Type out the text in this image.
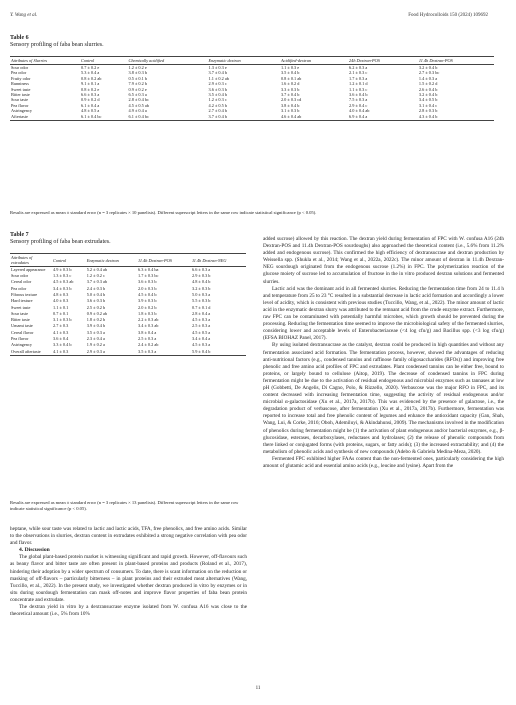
Y. Wang et al.	Food Hydrocolloids 150 (2024) 109692
Table 6
Sensory profiling of faba bean slurries.
Attributes of Slurries	Control	Chemically acidified	Enzymatic dextran	Acidified-dextran	24h Dextran-POS	11.4h Dextran-POS
Sour odor	0.7 ± 0.2 e	1.2 ± 0.2 e	1.3 ± 0.3 e	1.1 ± 0.3 e	6.2 ± 0.3 a	3.2 ± 0.4 b
Pea odor	5.3 ± 0.4 a	3.8 ± 0.3 b	3.7 ± 0.4 b	3.5 ± 0.4 b	2.1 ± 0.3 c	2.7 ± 0.3 bc
Fruity odor	0.8 ± 0.2 ab	0.5 ± 0.1 b	1.1 ± 0.2 ab	0.8 ± 0.1 ab	1.7 ± 0.3 a	1.4 ± 0.3 a
Runniness	9.1 ± 0.1 a	7.9 ± 0.2 b	2.9 ± 0.3 c	1.6 ± 0.2 d	1.2 ± 0.1 d	1.5 ± 0.2 d
Sweet taste	0.8 ± 0.2 e	0.9 ± 0.2 e	3.6 ± 0.3 b	3.3 ± 0.3 b	1.1 ± 0.3 c	2.6 ± 0.4 b
Bitter taste	6.6 ± 0.3 a	6.5 ± 0.3 a	3.5 ± 0.4 b	3.7 ± 0.4 b	3.6 ± 0.4 b	3.2 ± 0.4 b
Sour taste	0.9 ± 0.2 d	2.8 ± 0.4 bc	1.2 ± 0.3 c	2.0 ± 0.3 cd	7.5 ± 0.3 a	3.4 ± 0.5 b
Pea flavor	6.1 ± 0.4 a	4.5 ± 0.5 ab	4.2 ± 0.5 b	3.8 ± 0.4 b	2.9 ± 0.4 c	3.1 ± 0.4 c
Astringency	4.8 ± 0.5 a	4.9 ± 0.4 a	2.7 ± 0.4 b	3.1 ± 0.3 b	4.0 ± 0.4 ab	2.8 ± 0.3 b
Aftertaste	6.1 ± 0.4 bc	6.1 ± 0.4 bc	3.7 ± 0.4 b	4.6 ± 0.4 ab	6.9 ± 0.4 a	4.3 ± 0.4 b
Results are expressed as mean ± standard error (n = 3 replicates × 10 panelists). Different superscript letters in the same row indicate statistical significance (p < 0.05).
Table 7
Sensory profiling of faba bean extrudates.
Attributes of extrudates	Control	Enzymatic dextran	11.4h Dextran-POS	11.4h Dextran-NEG
Layered appearance	4.9 ± 0.3 b	5.2 ± 0.4 ab	6.3 ± 0.4 ba	6.6 ± 0.3 a
Sour odor	1.3 ± 0.3 c	1.2 ± 0.2 c	1.7 ± 0.3 bc	2.9 ± 0.3 b
Cereal odor	4.5 ± 0.3 ab	3.7 ± 0.3 ab	3.6 ± 0.3 b	4.8 ± 0.4 b
Pea odor	3.4 ± 0.3 b	2.4 ± 0.3 b	2.0 ± 0.3 b	3.2 ± 0.3 b
Fibrous texture	4.8 ± 0.3	5.0 ± 0.4 b	4.5 ± 0.4 b	5.0 ± 0.3 a
Hard texture	4.0 ± 0.3	3.6 ± 0.3 b	3.9 ± 0.3 b	5.5 ± 0.3 b
Sweet taste	1.1 ± 0.1	2.5 ± 0.2 b	2.0 ± 0.2 b	0.7 ± 0.1 d
Sour taste	0.7 ± 0.1	0.9 ± 0.2 ab	1.8 ± 0.3 b	2.8 ± 0.4 a
Bitter taste	3.1 ± 0.3 b	1.8 ± 0.2 b	2.2 ± 0.3 ab	4.5 ± 0.3 a
Umami taste	2.7 ± 0.3	3.9 ± 0.4 b	3.4 ± 0.3 ab	2.5 ± 0.3 a
Cereal flavor	4.1 ± 0.3	3.5 ± 0.3 a	3.8 ± 0.4 a	4.5 ± 0.5 a
Pea flavor	3.6 ± 0.4	2.3 ± 0.4 a	2.5 ± 0.3 a	3.4 ± 0.4 a
Astringency	3.3 ± 0.4 b	1.9 ± 0.2 a	2.4 ± 0.2 ab	4.5 ± 0.3 a
Overall aftertaste	4.1 ± 0.3	2.9 ± 0.3 a	3.5 ± 0.3 a	5.9 ± 0.4 b
Results are expressed as mean ± standard error (n = 3 replicates × 13 panelists). Different superscript letters in the same row indicate statistical significance (p < 0.05).

heptane, while sour taste was related to lactic and lactic acids, TFA, free phenolics, and free amino acids. Similar to the observations in slurries, dextran content in extrudates exhibited a strong negative correlation with pea odor and flavor.

4. Discussion

The global plant-based protein market is witnessing significant and rapid growth. However, off-flavours such as beany flavor and bitter taste are often present in plant-based proteins and products (Roland et al., 2017), hindering their adoption by a wider spectrum of consumers. To date, there is scant information on the reduction or masking of off-flavors – particularly bitterness – in plant proteins and their extruded meat alternatives (Wang, Tuccillo, et al., 2022). In the present study, we investigated whether dextran produced in vitro by enzymes or in situ during sourdough fermentation can mask off-notes and improve flavor properties of faba bean protein concentrate and extrudate.

The dextran yield in vitro by a dextransucrase enzyme isolated from W. confusa A16 was close to the theoretical amount (i.e., 5% from 10%

added sucrose) allowed by this reaction. The dextran yield during fermentation of FPC with W. confusa A16 (24h Dextran-POS and 11.4h Dextran-POS sourdoughs) also approached the theoretical content (i.e., 5.6% from 11.2% added and endogenous sucrose). This confirmed the high efficiency of dextransucrase and dextran production by Weissella spp. (Shukla et al., 2014; Wang et al., 2022a, 2022c). The minor amount of dextran in 11.4h Dextran-NEG sourdough originated from the endogenous sucrose (1.2%) in FPC. The polymerization reaction of the glucose moiety of sucrose led to accumulation of fructose in the in vitro produced dextran solutions and fermented slurries.

Lactic acid was the dominant acid in all fermented slurries. Reducing the fermentation time from 24 to 11.4 h and temperature from 25 to 23 °C resulted in a substantial decrease in lactic acid formation and accordingly a lower level of acidity, which is consistent with previous studies (Tuccillo, Wang, et al., 2022). The minor amount of lactic acid in the enzymatic dextran slurry was attributed to the remnant acid from the crude enzyme extract. Furthermore, raw FPC can be contaminated with potentially harmful microbes, which growth should be prevented during the processing. Reducing the fermentation time seemed to improve the microbiological safety of the fermented slurries, considering lower and acceptable levels of Enterobacteriaceae (<4 log cfu/g) and Bacillus spp. (<3 log cfu/g) (EFSA BIOHAZ Panel, 2017).

By using isolated dextransucrase as the catalyst, dextran could be produced in high quantities and without any fermentation associated acid formation. The fermentation process, however, showed the advantages of reducing anti-nutritional factors (e.g., condensed tannins and raffinose family oligosaccharides (RFOs)) and improving free phenolic and free amino acid profiles of FPC and extrudates. Plant condensed tannins can be either free, bound to proteins, or largely bound to cellulose (Aitop, 2019). The decrease of condensed tannins in FPC during fermentation might be due to the activation of residual endogenous and microbial enzymes such as tannases at low pH (Gobbetti, De Angelis, Di Cagno, Polo, & Rizzello, 2020). Verbascose was the major RFO in FPC, and its content decreased with increasing fermentation time, suggesting the activity of residual endogenous and/or microbial α-galactosidase (Xu et al., 2017a, 2017b). This was evidenced by the presence of galactose, i.e., the degradation product of verbascose, after fermentation (Xu et al., 2017a, 2017b). Furthermore, fermentation was reported to increase total and free phenolic content of legumes and enhance the antioxidant capacity (Gan, Shah, Wang, Lui, & Corke, 2016; Oboh, Ademiluyi, & Akindahunsi, 2009). The mechanisms involved in the modification of phenolics during fermentation might be (1) the activation of plant endogenous and/or bacterial enzymes, e.g., β-glucosidase, esterases, decarboxylases, reductases and hydrolases; (2) the release of phenolic compounds from there linked or conjugated forms (with proteins, sugars, or fatty acids); (3) the increased extractability; and (4) the metabolism of phenolic acids and synthesis of new compounds (Adebo & Gabriela Medina-Meza, 2020).

Fermented FPC exhibited higher FAAs content than the non-fermented ones, particularly considering the high amount of glutamic acid and essential amino acids (e.g., leucine and lysine). Apart from the

11
